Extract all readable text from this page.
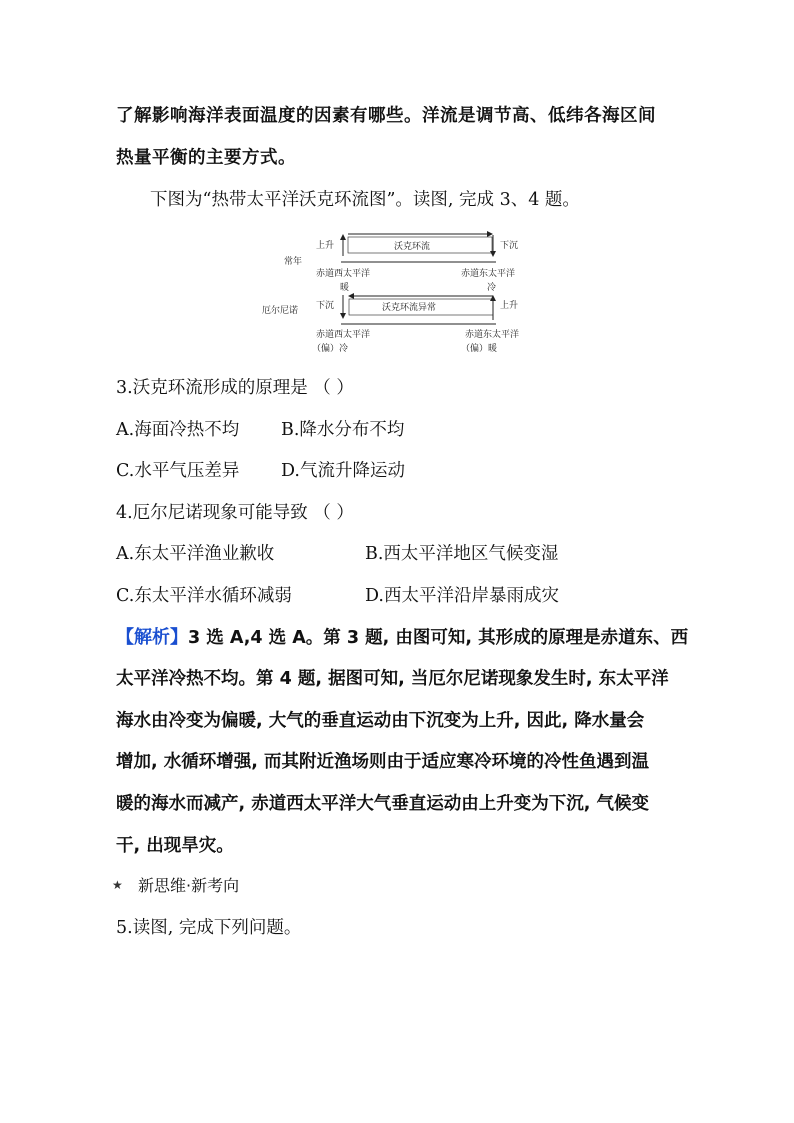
了解影响海洋表面温度的因素有哪些。洋流是调节高、低纬各海区间
热量平衡的主要方式。
下图为“热带太平洋沃克环流图”。读图, 完成 3、4 题。
常年
上升	沃克环流	下沉
赤道西太平洋	赤道东太平洋
暖	冷
厄尔尼诺 下沉	沃克环流异常	上升
赤道西太平洋	赤道东太平洋
（偏）冷	（偏）暖
3.沃克环流形成的原理是 （ ）
A.海面冷热不均 B.降水分布不均
C.水平气压差异 D.气流升降运动
4.厄尔尼诺现象可能导致 （ ）
A.东太平洋渔业歉收	B.西太平洋地区气候变湿
C.东太平洋水循环减弱	D.西太平洋沿岸暴雨成灾
【解析】3 选 A,4 选 A。第 3 题, 由图可知, 其形成的原理是赤道东、西
太平洋冷热不均。第 4 题, 据图可知, 当厄尔尼诺现象发生时, 东太平洋
海水由冷变为偏暖, 大气的垂直运动由下沉变为上升, 因此, 降水量会
增加, 水循环增强, 而其附近渔场则由于适应寒冷环境的冷性鱼遇到温
暖的海水而减产, 赤道西太平洋大气垂直运动由上升变为下沉, 气候变
干, 出现旱灾。
★ 新思维·新考向
5.读图, 完成下列问题。
